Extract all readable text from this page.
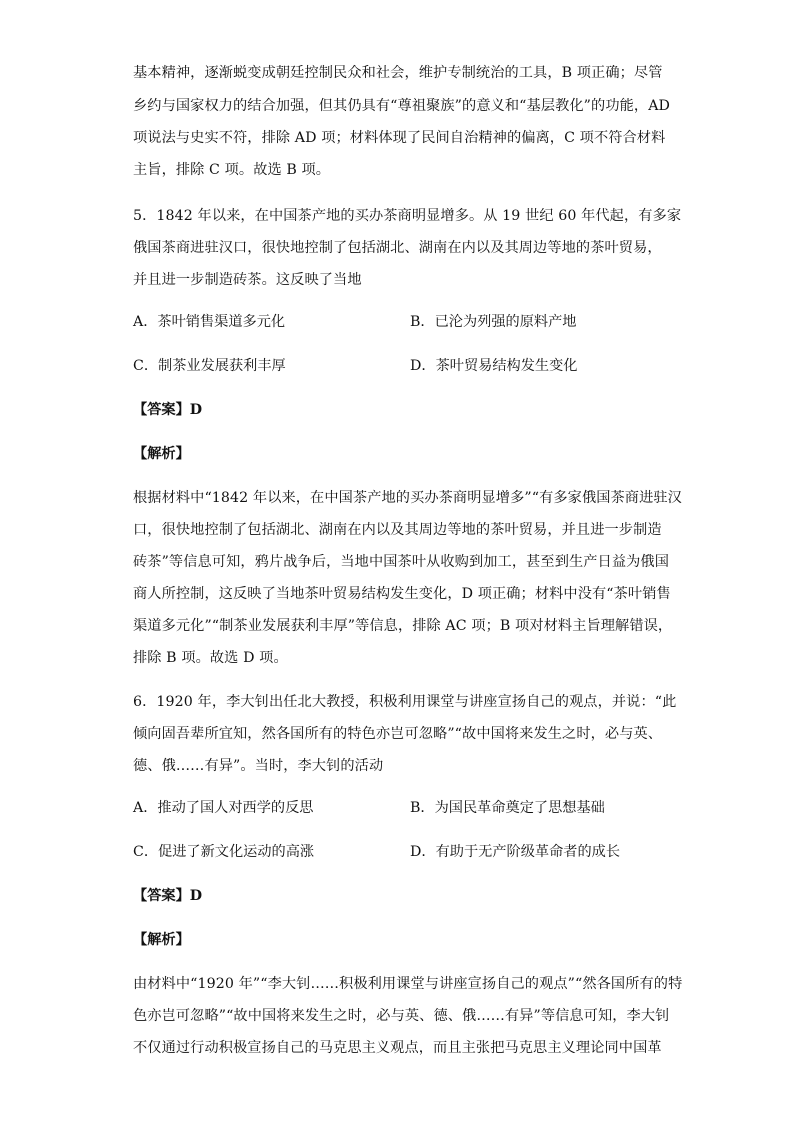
基本精神，逐渐蜕变成朝廷控制民众和社会，维护专制统治的工具，B 项正确；尽管
乡约与国家权力的结合加强，但其仍具有“尊祖聚族”的意义和“基层教化”的功能，AD
项说法与史实不符，排除 AD 项；材料体现了民间自治精神的偏离，C 项不符合材料
主旨，排除 C 项。故选 B 项。
5．1842 年以来，在中国茶产地的买办茶商明显增多。从 19 世纪 60 年代起，有多家
俄国茶商进驻汉口，很快地控制了包括湖北、湖南在内以及其周边等地的茶叶贸易，
并且进一步制造砖茶。这反映了当地
A．茶叶销售渠道多元化	B．已沦为列强的原料产地
C．制茶业发展获利丰厚	D．茶叶贸易结构发生变化
【答案】D
【解析】
根据材料中“1842 年以来，在中国茶产地的买办茶商明显增多”“有多家俄国茶商进驻汉
口，很快地控制了包括湖北、湖南在内以及其周边等地的茶叶贸易，并且进一步制造
砖茶”等信息可知，鸦片战争后，当地中国茶叶从收购到加工，甚至到生产日益为俄国
商人所控制，这反映了当地茶叶贸易结构发生变化，D 项正确；材料中没有“茶叶销售
渠道多元化”“制茶业发展获利丰厚”等信息，排除 AC 项；B 项对材料主旨理解错误，
排除 B 项。故选 D 项。
6．1920 年，李大钊出任北大教授，积极利用课堂与讲座宣扬自己的观点，并说：“此
倾向固吾辈所宜知，然各国所有的特色亦岂可忽略”“故中国将来发生之时，必与英、
德、俄……有异”。当时，李大钊的活动
A．推动了国人对西学的反思	B．为国民革命奠定了思想基础
C．促进了新文化运动的高涨	D．有助于无产阶级革命者的成长
【答案】D
【解析】
由材料中“1920 年”“李大钊……积极利用课堂与讲座宣扬自己的观点”“然各国所有的特
色亦岂可忽略”“故中国将来发生之时，必与英、德、俄……有异”等信息可知，李大钊
不仅通过行动积极宣扬自己的马克思主义观点，而且主张把马克思主义理论同中国革
